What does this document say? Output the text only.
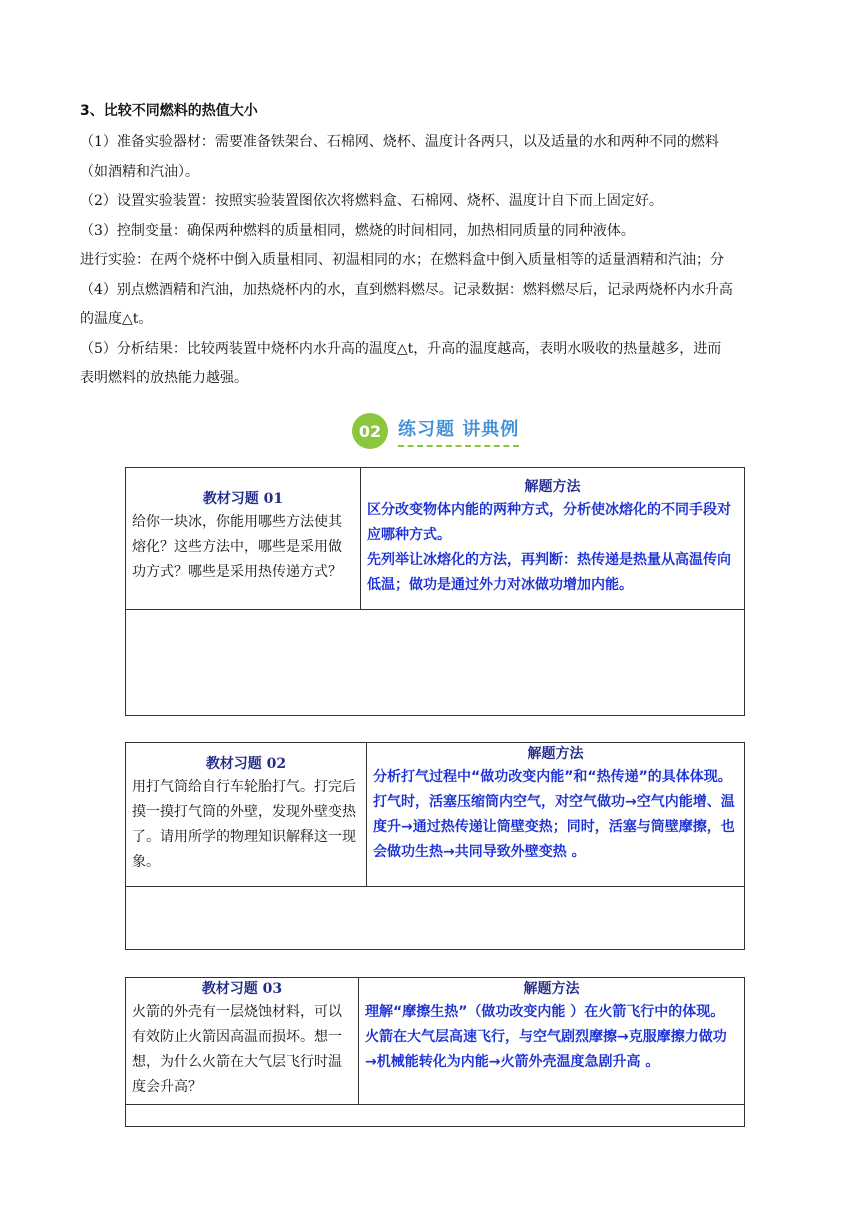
3、比较不同燃料的热值大小

（1）准备实验器材：需要准备铁架台、石棉网、烧杯、温度计各两只，以及适量的水和两种不同的燃料

（如酒精和汽油）。

（2）设置实验装置：按照实验装置图依次将燃料盒、石棉网、烧杯、温度计自下而上固定好。

（3）控制变量：确保两种燃料的质量相同，燃烧的时间相同，加热相同质量的同种液体。

进行实验：在两个烧杯中倒入质量相同、初温相同的水；在燃料盒中倒入质量相等的适量酒精和汽油；分

（4）别点燃酒精和汽油，加热烧杯内的水，直到燃料燃尽。记录数据：燃料燃尽后，记录两烧杯内水升高

的温度△t。

（5）分析结果：比较两装置中烧杯内水升高的温度△t，升高的温度越高，表明水吸收的热量越多，进而

表明燃料的放热能力越强。

02 练习题 讲典例
教材习题 01
给你一块冰，你能用哪些方法使其熔化？这些方法中，哪些是采用做功方式？哪些是采用热传递方式？

解题方法
区分改变物体内能的两种方式，分析使冰熔化的不同手段对应哪种方式。
先列举让冰熔化的方法，再判断：热传递是热量从高温传向低温；做功是通过外力对冰做功增加内能。

教材习题 02
用打气筒给自行车轮胎打气。打完后摸一摸打气筒的外壁，发现外壁变热了。请用所学的物理知识解释这一现象。

解题方法
分析打气过程中“做功改变内能”和“热传递”的具体体现。
打气时，活塞压缩筒内空气，对空气做功→空气内能增、温度升→通过热传递让筒壁变热；同时，活塞与筒壁摩擦，也会做功生热→共同导致外壁变热 。

教材习题 03
火箭的外壳有一层烧蚀材料，可以有效防止火箭因高温而损坏。想一想，为什么火箭在大气层飞行时温度会升高？

解题方法
理解“摩擦生热”（做功改变内能 ）在火箭飞行中的体现。
火箭在大气层高速飞行，与空气剧烈摩擦→克服摩擦力做功→机械能转化为内能→火箭外壳温度急剧升高 。
